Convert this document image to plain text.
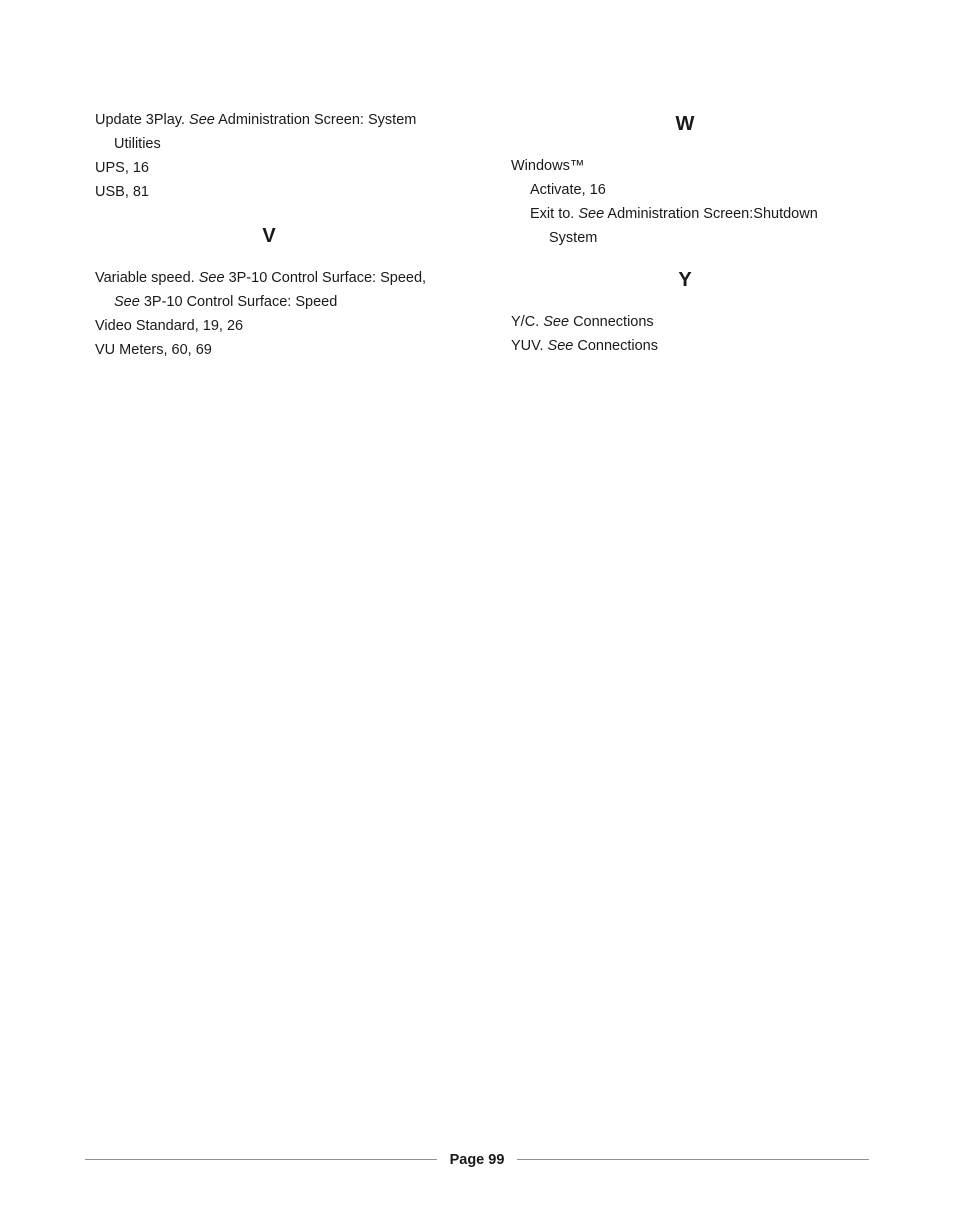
Update 3Play. See Administration Screen: System
Utilities
UPS, 16
USB, 81
V
Variable speed. See 3P-10 Control Surface: Speed,
See 3P-10 Control Surface: Speed
Video Standard, 19, 26
VU Meters, 60, 69
W
Windows™
Activate, 16
Exit to. See Administration Screen:Shutdown
System
Y
Y/C. See Connections
YUV. See Connections
Page 99
